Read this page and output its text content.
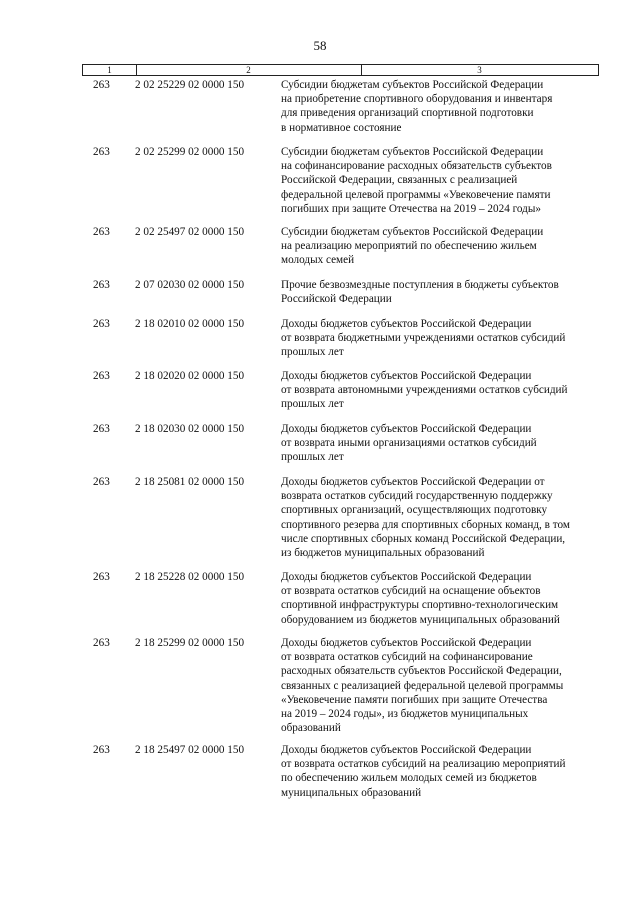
58
1	2	3
263	2 02 25229 02 0000 150	Субсидии бюджетам субъектов Российской Федерации
на приобретение спортивного оборудования и инвентаря
для приведения организаций спортивной подготовки
в нормативное состояние
263	2 02 25299 02 0000 150	Субсидии бюджетам субъектов Российской Федерации
на софинансирование расходных обязательств субъектов
Российской Федерации, связанных с реализацией
федеральной целевой программы «Увековечение памяти
погибших при защите Отечества на 2019 – 2024 годы»
263	2 02 25497 02 0000 150	Субсидии бюджетам субъектов Российской Федерации
на реализацию мероприятий по обеспечению жильем
молодых семей
263	2 07 02030 02 0000 150	Прочие безвозмездные поступления в бюджеты субъектов
Российской Федерации
263	2 18 02010 02 0000 150	Доходы бюджетов субъектов Российской Федерации
от возврата бюджетными учреждениями остатков субсидий
прошлых лет
263	2 18 02020 02 0000 150	Доходы бюджетов субъектов Российской Федерации
от возврата автономными учреждениями остатков субсидий
прошлых лет
263	2 18 02030 02 0000 150	Доходы бюджетов субъектов Российской Федерации
от возврата иными организациями остатков субсидий
прошлых лет
263	2 18 25081 02 0000 150	Доходы бюджетов субъектов Российской Федерации от
возврата остатков субсидий государственную поддержку
спортивных организаций, осуществляющих подготовку
спортивного резерва для спортивных сборных команд, в том
числе спортивных сборных команд Российской Федерации,
из бюджетов муниципальных образований
263	2 18 25228 02 0000 150	Доходы бюджетов субъектов Российской Федерации
от возврата остатков субсидий на оснащение объектов
спортивной инфраструктуры спортивно-технологическим
оборудованием из бюджетов муниципальных образований
263	2 18 25299 02 0000 150	Доходы бюджетов субъектов Российской Федерации
от возврата остатков субсидий на софинансирование
расходных обязательств субъектов Российской Федерации,
связанных с реализацией федеральной целевой программы
«Увековечение памяти погибших при защите Отечества
на 2019 – 2024 годы», из бюджетов муниципальных
образований
263	2 18 25497 02 0000 150	Доходы бюджетов субъектов Российской Федерации
от возврата остатков субсидий на реализацию мероприятий
по обеспечению жильем молодых семей из бюджетов
муниципальных образований
